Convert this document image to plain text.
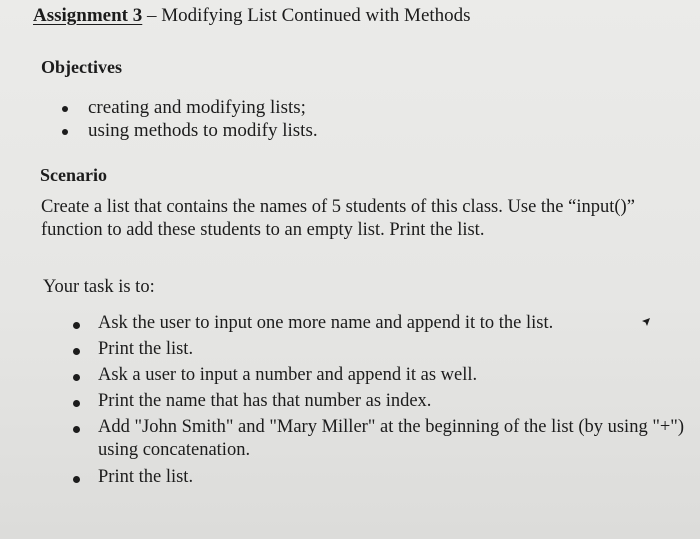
Assignment 3 – Modifying List Continued with Methods
Objectives
creating and modifying lists;
using methods to modify lists.
Scenario
Create a list that contains the names of 5 students of this class. Use the “input()” function to add these students to an empty list. Print the list.
Your task is to:
Ask the user to input one more name and append it to the list.
Print the list.
Ask a user to input a number and append it as well.
Print the name that has that number as index.
Add "John Smith" and "Mary Miller" at the beginning of the list (by using "+") using concatenation.
Print the list.
